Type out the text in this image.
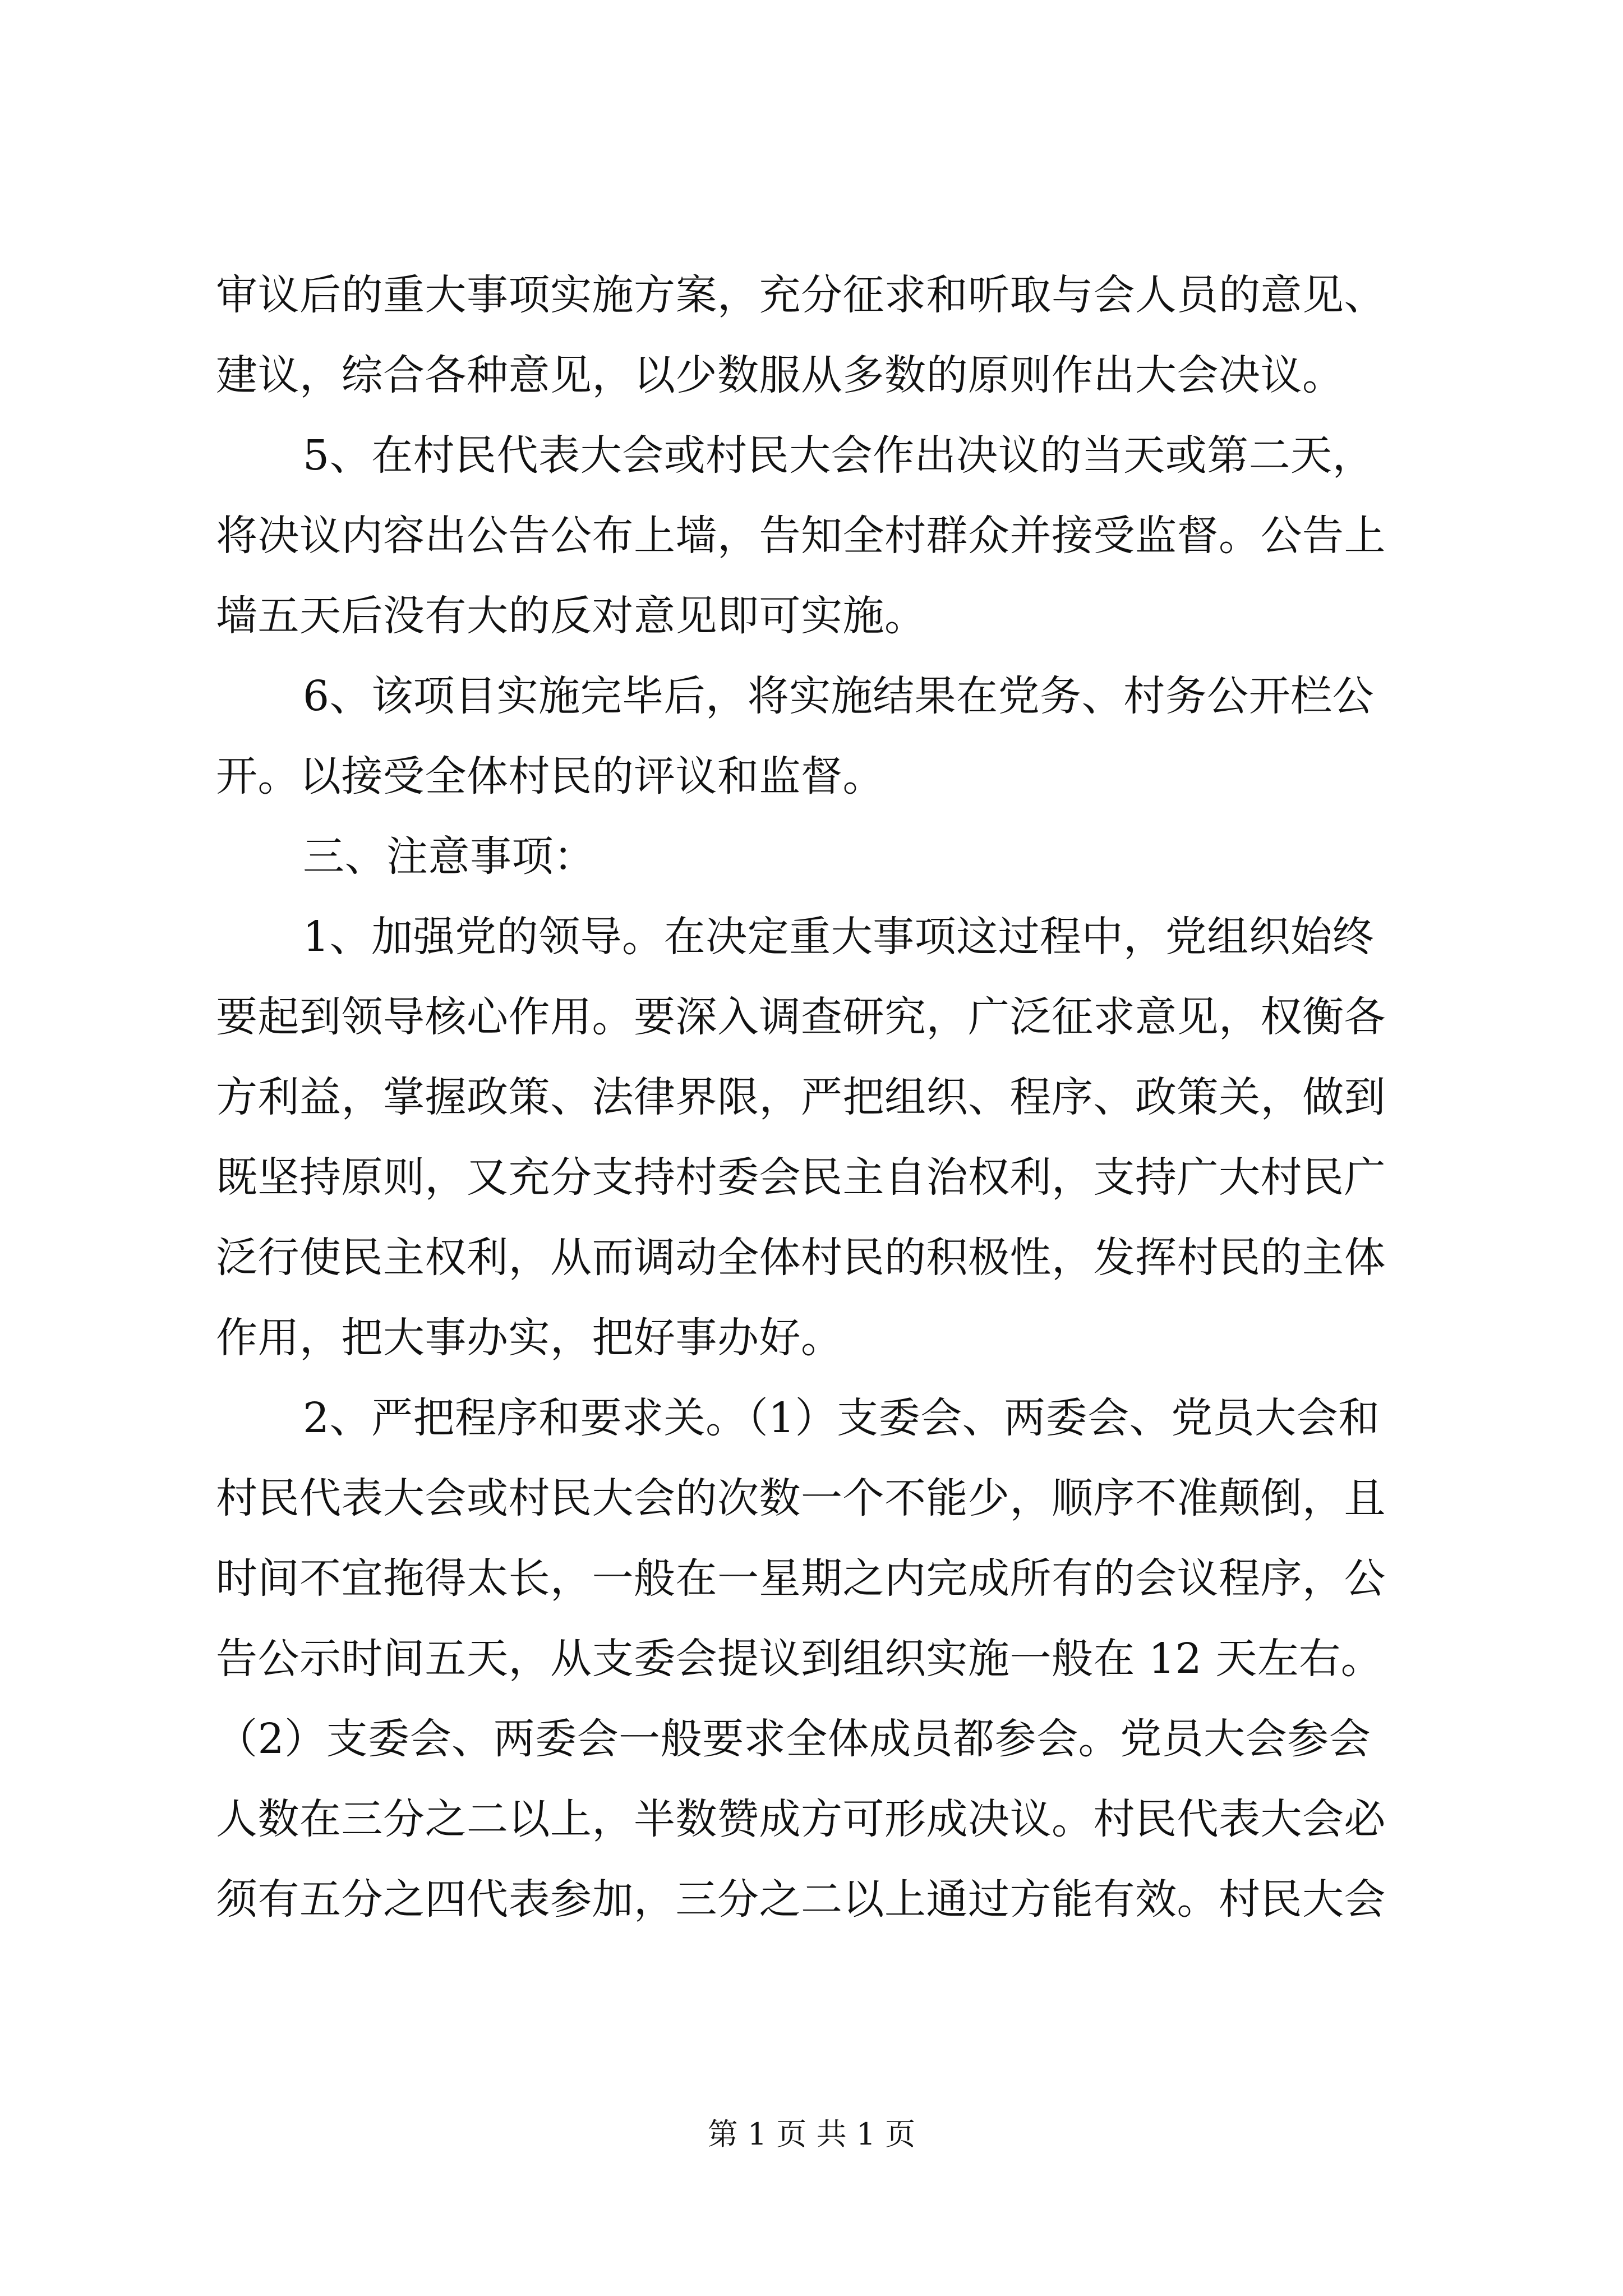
审议后的重大事项实施方案，充分征求和听取与会人员的意见、
建议，综合各种意见，以少数服从多数的原则作出大会决议。
5、在村民代表大会或村民大会作出决议的当天或第二天，
将决议内容出公告公布上墙，告知全村群众并接受监督。公告上
墙五天后没有大的反对意见即可实施。
6、该项目实施完毕后，将实施结果在党务、村务公开栏公
开。以接受全体村民的评议和监督。
三、注意事项：
1、加强党的领导。在决定重大事项这过程中，党组织始终
要起到领导核心作用。要深入调查研究，广泛征求意见，权衡各
方利益，掌握政策、法律界限，严把组织、程序、政策关，做到
既坚持原则，又充分支持村委会民主自治权利，支持广大村民广
泛行使民主权利，从而调动全体村民的积极性，发挥村民的主体
作用，把大事办实，把好事办好。
2、严把程序和要求关。（1）支委会、两委会、党员大会和
村民代表大会或村民大会的次数一个不能少，顺序不准颠倒，且
时间不宜拖得太长，一般在一星期之内完成所有的会议程序，公
告公示时间五天，从支委会提议到组织实施一般在 12 天左右。
（2）支委会、两委会一般要求全体成员都参会。党员大会参会
人数在三分之二以上，半数赞成方可形成决议。村民代表大会必
须有五分之四代表参加，三分之二以上通过方能有效。村民大会
第 1 页 共 1 页
